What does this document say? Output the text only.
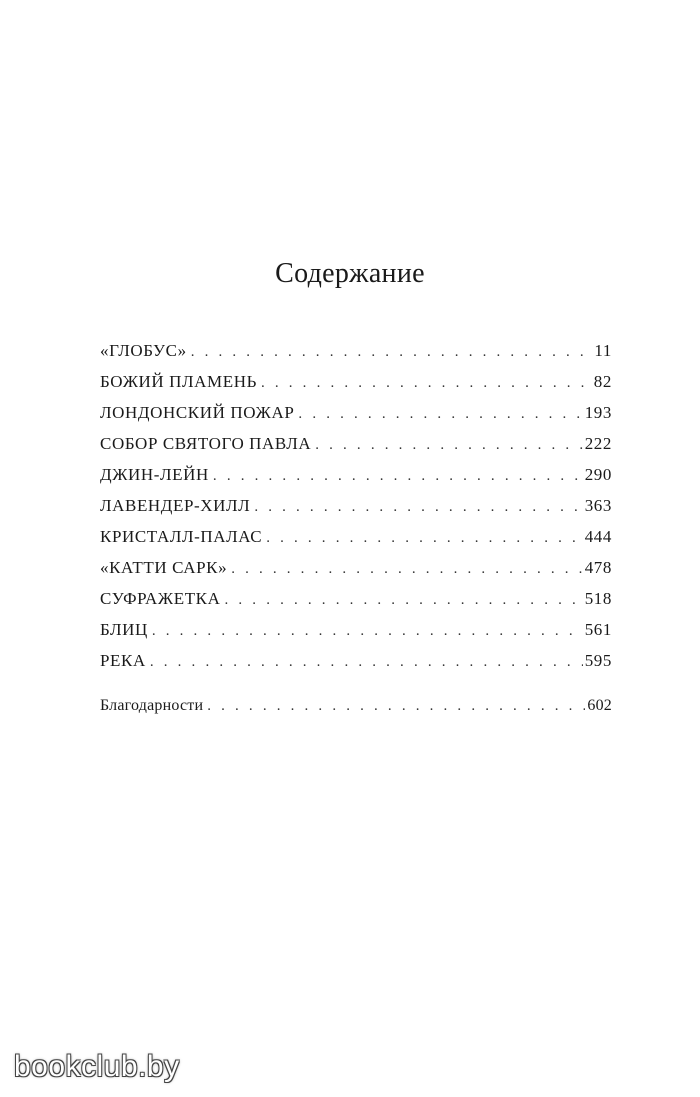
Содержание
«ГЛОБУС» . . .	11
БОЖИЙ ПЛАМЕНЬ . . .	82
ЛОНДОНСКИЙ ПОЖАР . . .	193
СОБОР СВЯТОГО ПАВЛА . . .	222
ДЖИН-ЛЕЙН . . .	290
ЛАВЕНДЕР-ХИЛЛ . . .	363
КРИСТАЛЛ-ПАЛАС . . .	444
«КАТТИ САРК» . . .	478
СУФРАЖЕТКА . . .	518
БЛИЦ . . .	561
РЕКА . . .	595
Благодарности . . .	602
bookclub.by
